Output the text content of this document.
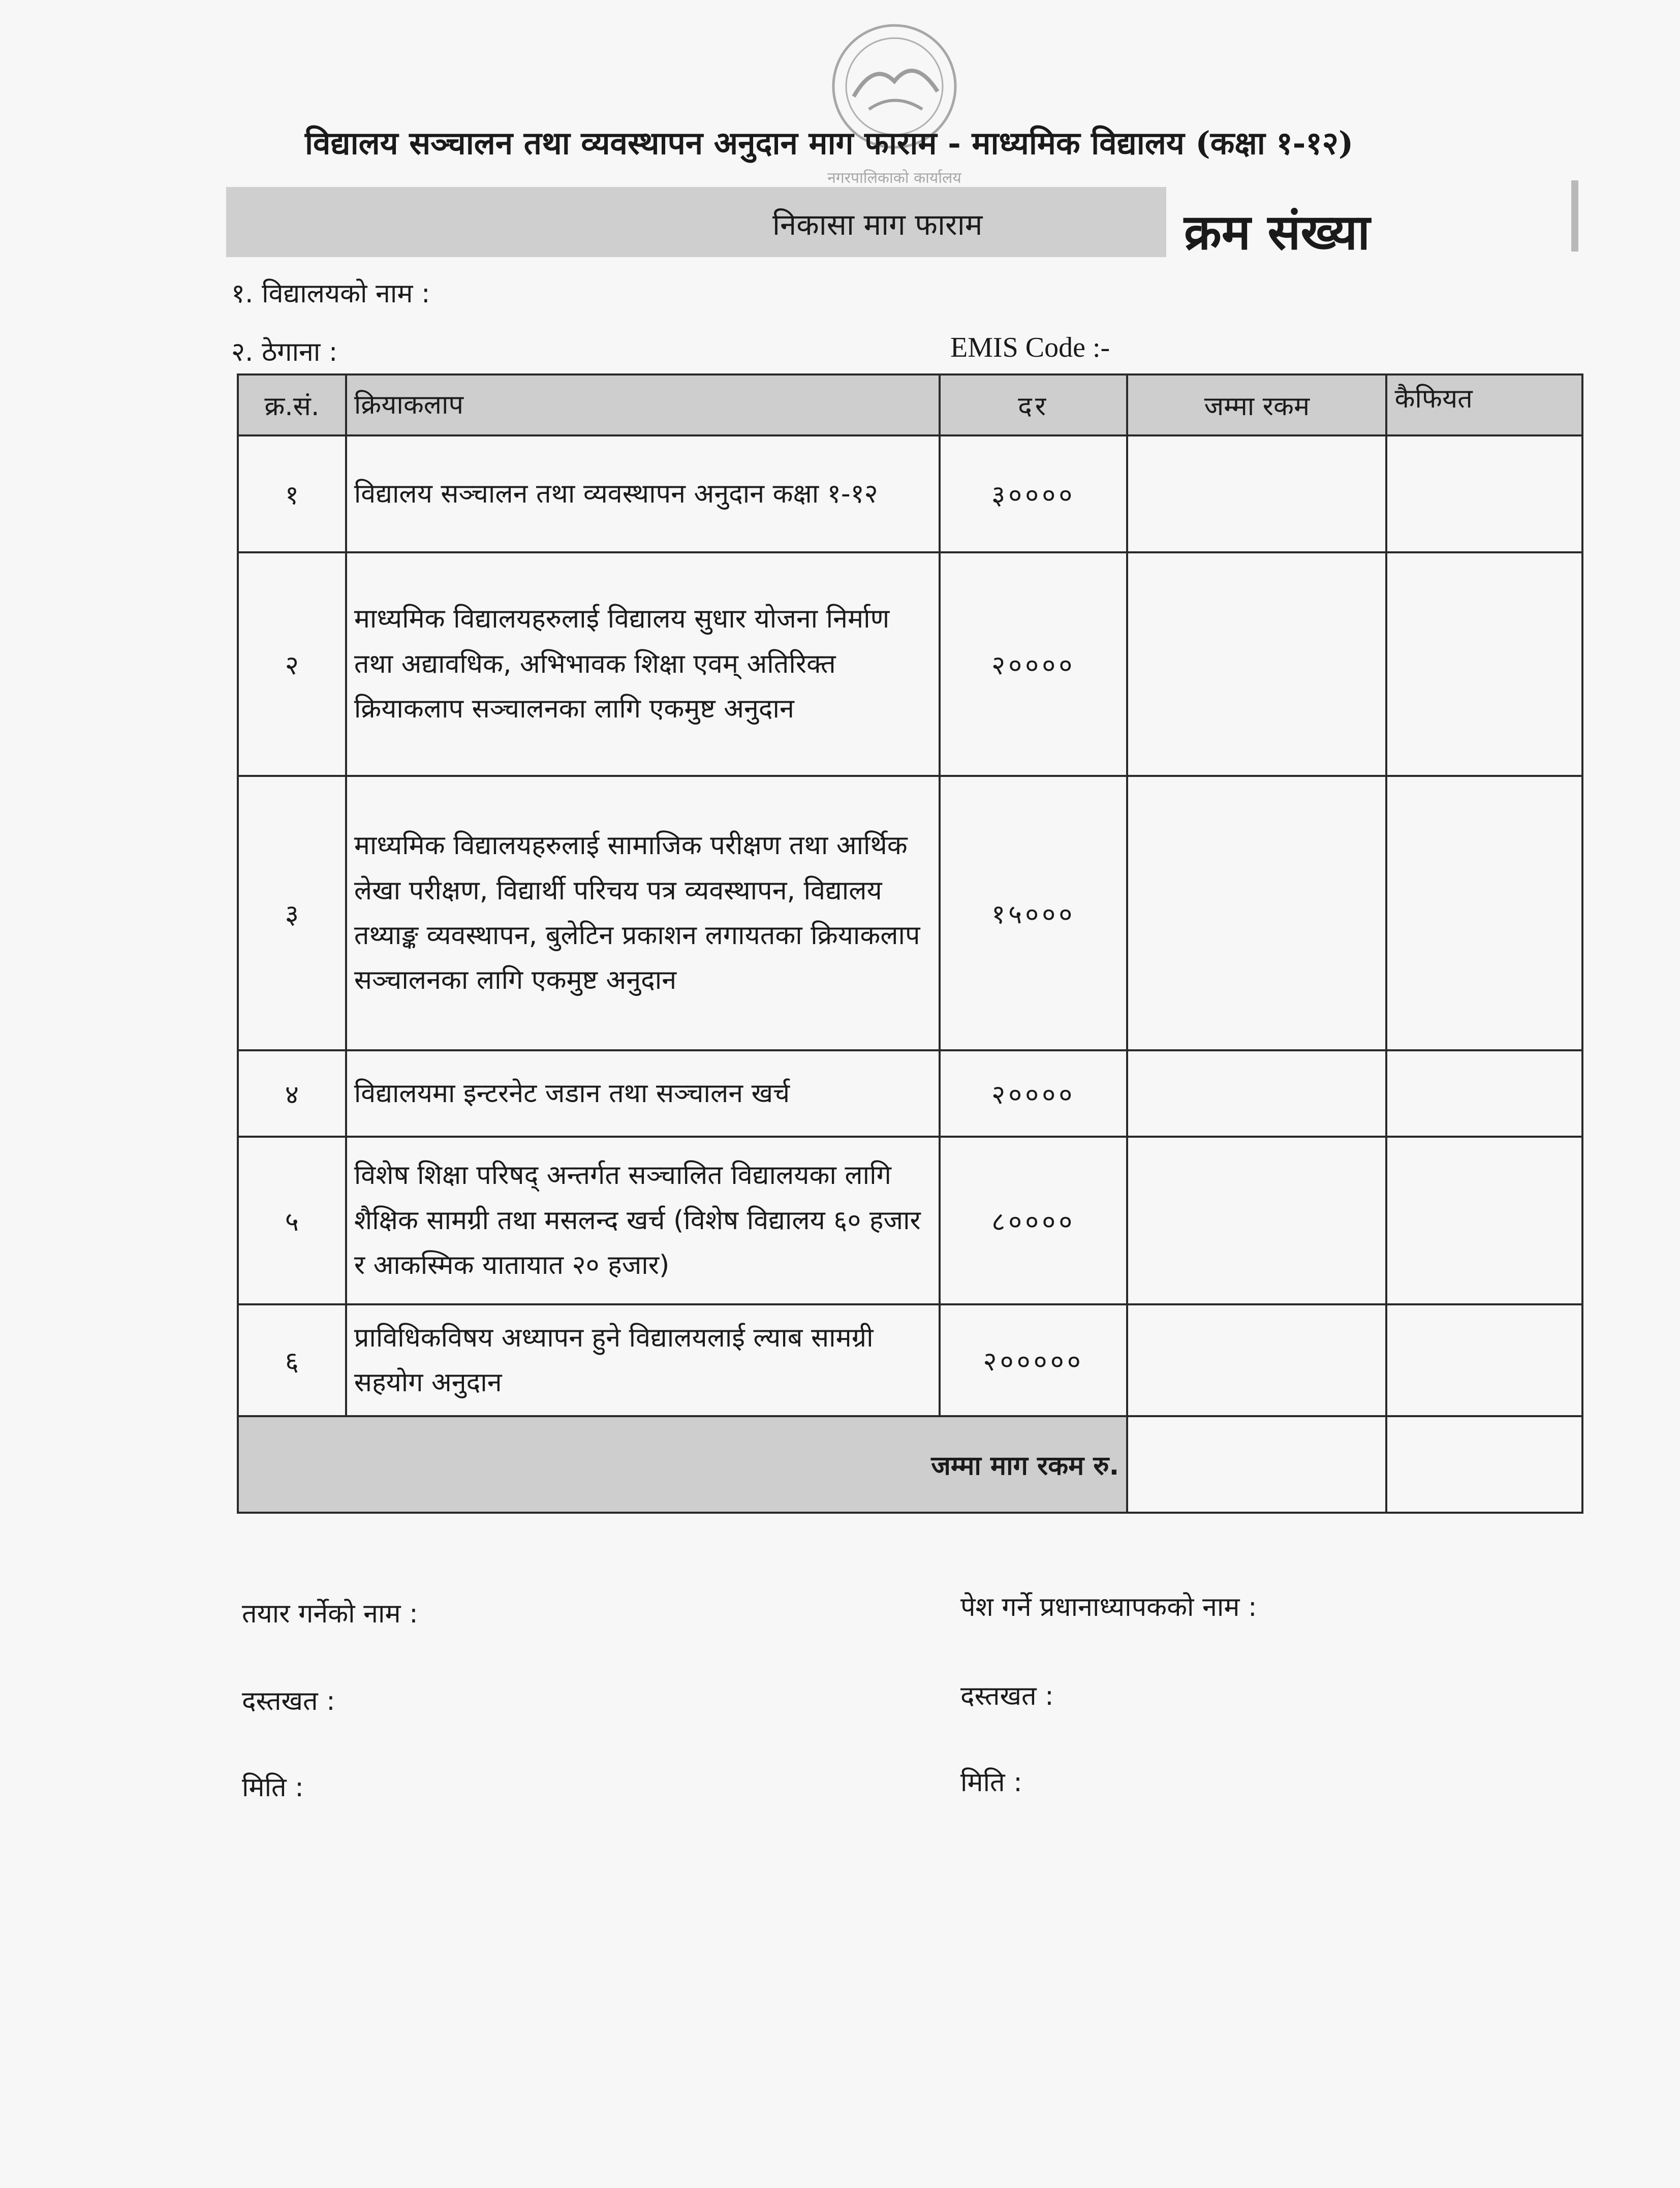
नगरपालिकाको कार्यालय
विद्यालय सञ्चालन तथा व्यवस्थापन अनुदान माग फाराम - माध्यमिक विद्यालय (कक्षा १-१२)
निकासा माग फाराम	क्रम संख्या
१. विद्यालयको नाम :
२. ठेगाना :	EMIS Code :-
क्र.सं.	क्रियाकलाप	दर	जम्मा रकम	कैफियत
१	विद्यालय सञ्चालन तथा व्यवस्थापन अनुदान कक्षा १-१२	३००००		
२	माध्यमिक विद्यालयहरुलाई विद्यालय सुधार योजना निर्माण तथा अद्यावधिक, अभिभावक शिक्षा एवम् अतिरिक्त क्रियाकलाप सञ्चालनका लागि एकमुष्ट अनुदान	२००००		
३	माध्यमिक विद्यालयहरुलाई सामाजिक परीक्षण तथा आर्थिक लेखा परीक्षण, विद्यार्थी परिचय पत्र व्यवस्थापन, विद्यालय तथ्याङ्क व्यवस्थापन, बुलेटिन प्रकाशन लगायतका क्रियाकलाप सञ्चालनका लागि एकमुष्ट अनुदान	१५०००		
४	विद्यालयमा इन्टरनेट जडान तथा सञ्चालन खर्च	२००००		
५	विशेष शिक्षा परिषद् अन्तर्गत सञ्चालित विद्यालयका लागि शैक्षिक सामग्री तथा मसलन्द खर्च (विशेष विद्यालय ६० हजार र आकस्मिक यातायात २० हजार)	८००००		
६	प्राविधिकविषय अध्यापन हुने विद्यालयलाई ल्याब सामग्री सहयोग अनुदान	२०००००		
जम्मा माग रकम रु.				
तयार गर्नेको नाम :
दस्तखत :
मिति :
पेश गर्ने प्रधानाध्यापकको नाम :
दस्तखत :
मिति :
